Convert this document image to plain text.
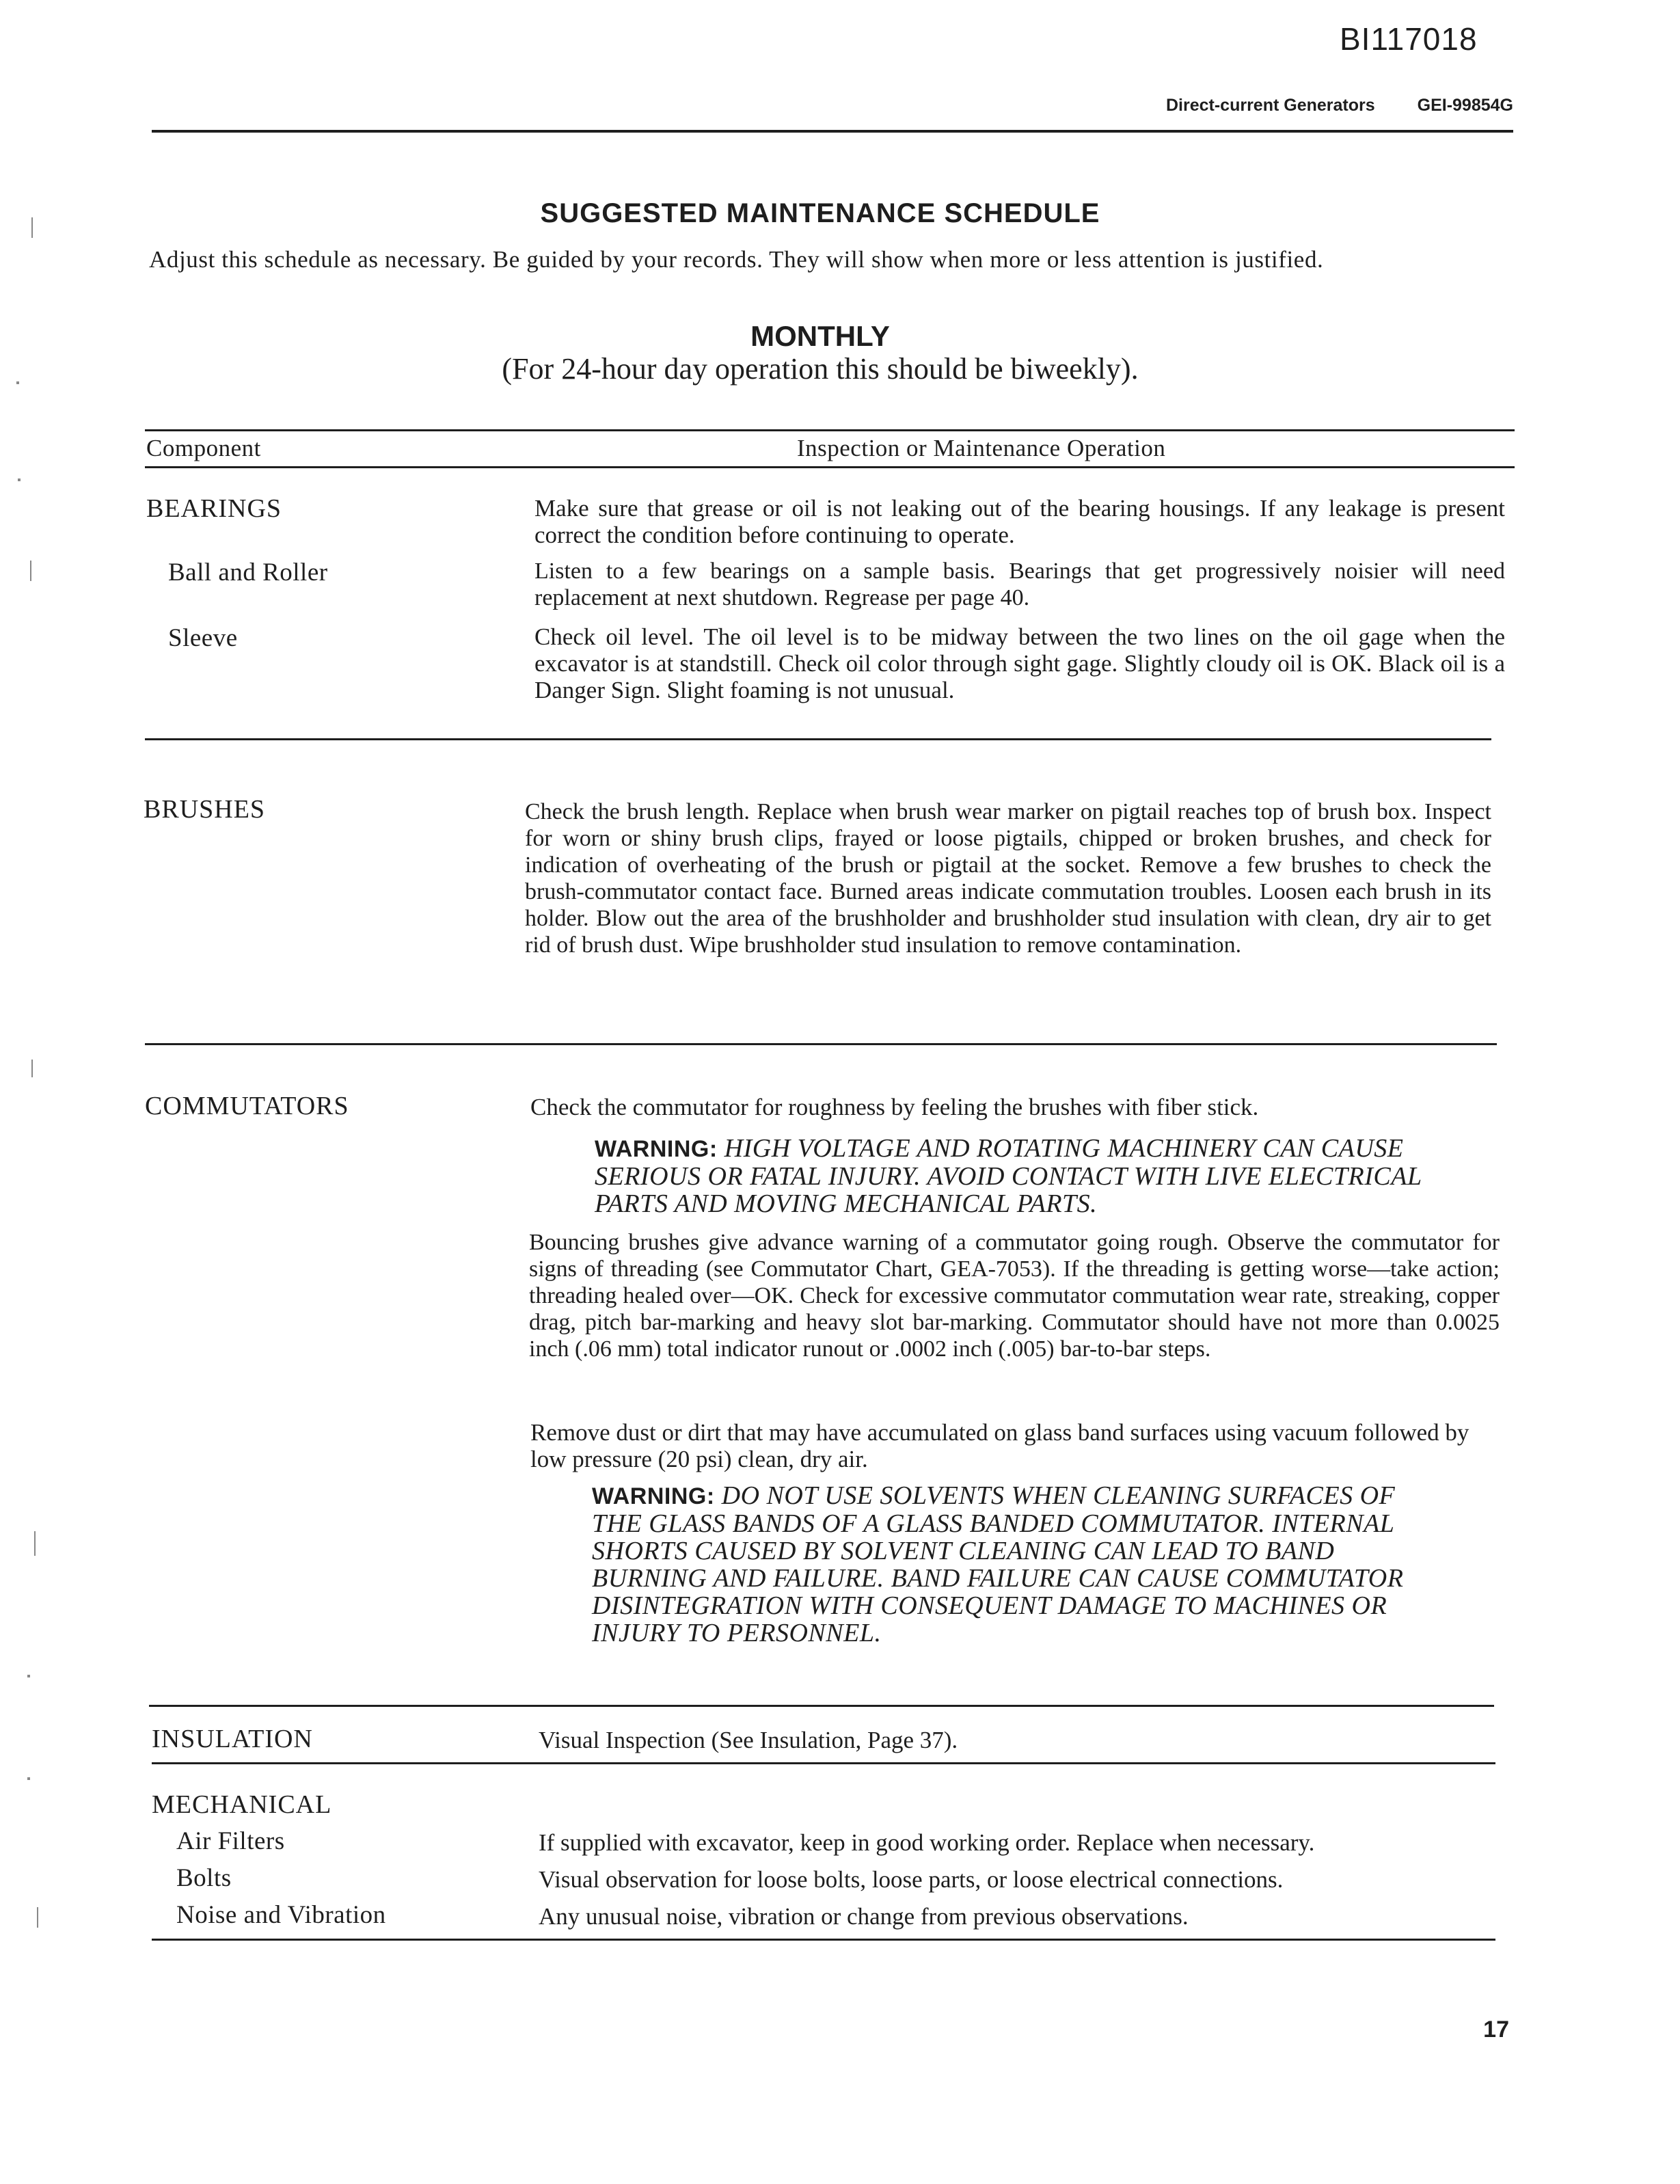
BI117018
Direct-current Generators GEI-99854G
SUGGESTED MAINTENANCE SCHEDULE
Adjust this schedule as necessary. Be guided by your records. They will show when more or less attention is justified.
MONTHLY
(For 24-hour day operation this should be biweekly).
Component	Inspection or Maintenance Operation
BEARINGS	Make sure that grease or oil is not leaking out of the bearing housings. If any leakage is present correct the condition before continuing to operate.
Ball and Roller	Listen to a few bearings on a sample basis. Bearings that get progressively noisier will need replacement at next shutdown. Regrease per page 40.
Sleeve	Check oil level. The oil level is to be midway between the two lines on the oil gage when the excavator is at standstill. Check oil color through sight gage. Slightly cloudy oil is OK. Black oil is a Danger Sign. Slight foaming is not unusual.
BRUSHES	Check the brush length. Replace when brush wear marker on pigtail reaches top of brush box. Inspect for worn or shiny brush clips, frayed or loose pigtails, chipped or broken brushes, and check for indication of overheating of the brush or pigtail at the socket. Remove a few brushes to check the brush-commutator contact face. Burned areas indicate commutation troubles. Loosen each brush in its holder. Blow out the area of the brushholder and brushholder stud insulation with clean, dry air to get rid of brush dust. Wipe brushholder stud insulation to remove contamination.
COMMUTATORS	Check the commutator for roughness by feeling the brushes with fiber stick.
WARNING: HIGH VOLTAGE AND ROTATING MACHINERY CAN CAUSE SERIOUS OR FATAL INJURY. AVOID CONTACT WITH LIVE ELECTRICAL PARTS AND MOVING MECHANICAL PARTS.
Bouncing brushes give advance warning of a commutator going rough. Observe the commutator for signs of threading (see Commutator Chart, GEA-7053). If the threading is getting worse—take action; threading healed over—OK. Check for excessive commutator commutation wear rate, streaking, copper drag, pitch bar-marking and heavy slot bar-marking. Commutator should have not more than 0.0025 inch (.06 mm) total indicator runout or .0002 inch (.005) bar-to-bar steps.
Remove dust or dirt that may have accumulated on glass band surfaces using vacuum followed by low pressure (20 psi) clean, dry air.
WARNING: DO NOT USE SOLVENTS WHEN CLEANING SURFACES OF THE GLASS BANDS OF A GLASS BANDED COMMUTATOR. INTERNAL SHORTS CAUSED BY SOLVENT CLEANING CAN LEAD TO BAND BURNING AND FAILURE. BAND FAILURE CAN CAUSE COMMUTATOR DISINTEGRATION WITH CONSEQUENT DAMAGE TO MACHINES OR INJURY TO PERSONNEL.
INSULATION	Visual Inspection (See Insulation, Page 37).
MECHANICAL
Air Filters	If supplied with excavator, keep in good working order. Replace when necessary.
Bolts	Visual observation for loose bolts, loose parts, or loose electrical connections.
Noise and Vibration	Any unusual noise, vibration or change from previous observations.
17
